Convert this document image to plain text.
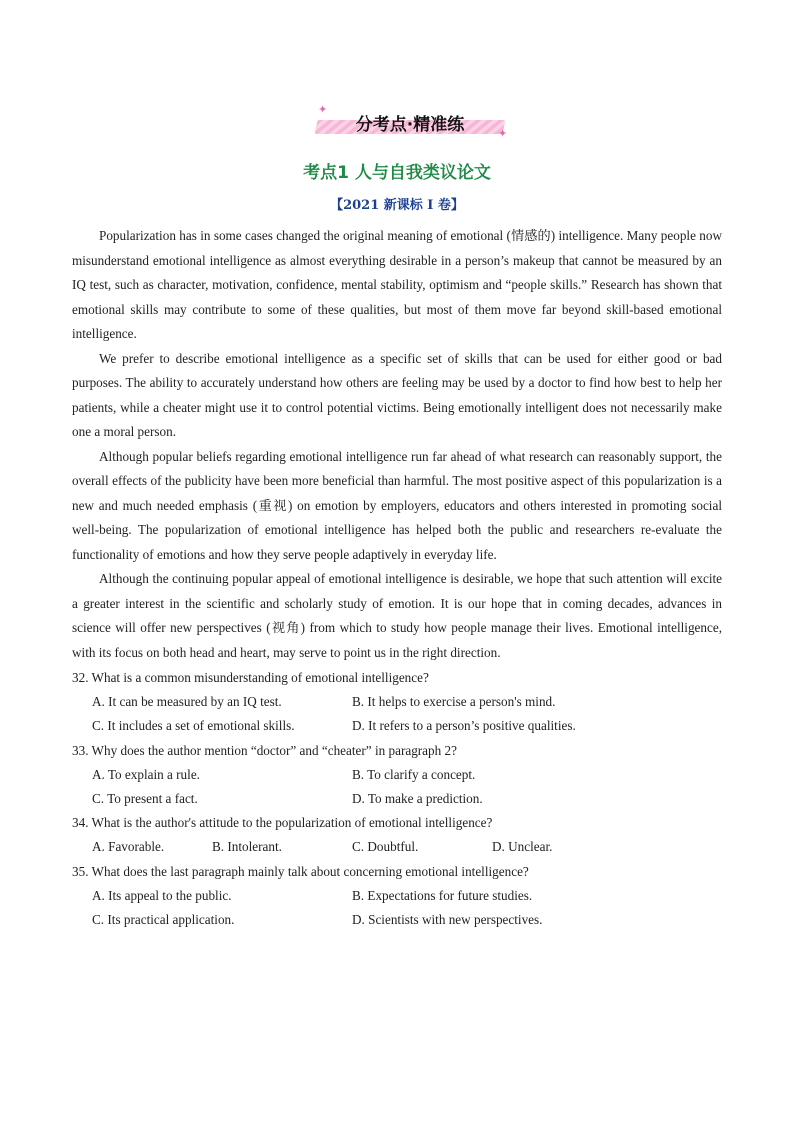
✦
✦
分考点·精准练
考点1 人与自我类议论文
【2021 新课标 I 卷】

Popularization has in some cases changed the original meaning of emotional (情感的) intelligence. Many people now misunderstand emotional intelligence as almost everything desirable in a person’s makeup that cannot be measured by an IQ test, such as character, motivation, confidence, mental stability, optimism and “people skills.” Research has shown that emotional skills may contribute to some of these qualities, but most of them move far beyond skill-based emotional intelligence.

We prefer to describe emotional intelligence as a specific set of skills that can be used for either good or bad purposes. The ability to accurately understand how others are feeling may be used by a doctor to find how best to help her patients, while a cheater might use it to control potential victims. Being emotionally intelligent does not necessarily make one a moral person.

Although popular beliefs regarding emotional intelligence run far ahead of what research can reasonably support, the overall effects of the publicity have been more beneficial than harmful. The most positive aspect of this popularization is a new and much needed emphasis (重视) on emotion by employers, educators and others interested in promoting social well-being. The popularization of emotional intelligence has helped both the public and researchers re-evaluate the functionality of emotions and how they serve people adaptively in everyday life.

Although the continuing popular appeal of emotional intelligence is desirable, we hope that such attention will excite a greater interest in the scientific and scholarly study of emotion. It is our hope that in coming decades, advances in science will offer new perspectives (视角) from which to study how people manage their lives. Emotional intelligence, with its focus on both head and heart, may serve to point us in the right direction.

32. What is a common misunderstanding of emotional intelligence?
A. It can be measured by an IQ test.	B. It helps to exercise a person's mind.
C. It includes a set of emotional skills.	D. It refers to a person’s positive qualities.
33. Why does the author mention “doctor” and “cheater” in paragraph 2?
A. To explain a rule.	B. To clarify a concept.
C. To present a fact.	D. To make a prediction.
34. What is the author's attitude to the popularization of emotional intelligence?
A. Favorable.	B. Intolerant.	C. Doubtful.	D. Unclear.
35. What does the last paragraph mainly talk about concerning emotional intelligence?
A. Its appeal to the public.	B. Expectations for future studies.
C. Its practical application.	D. Scientists with new perspectives.
